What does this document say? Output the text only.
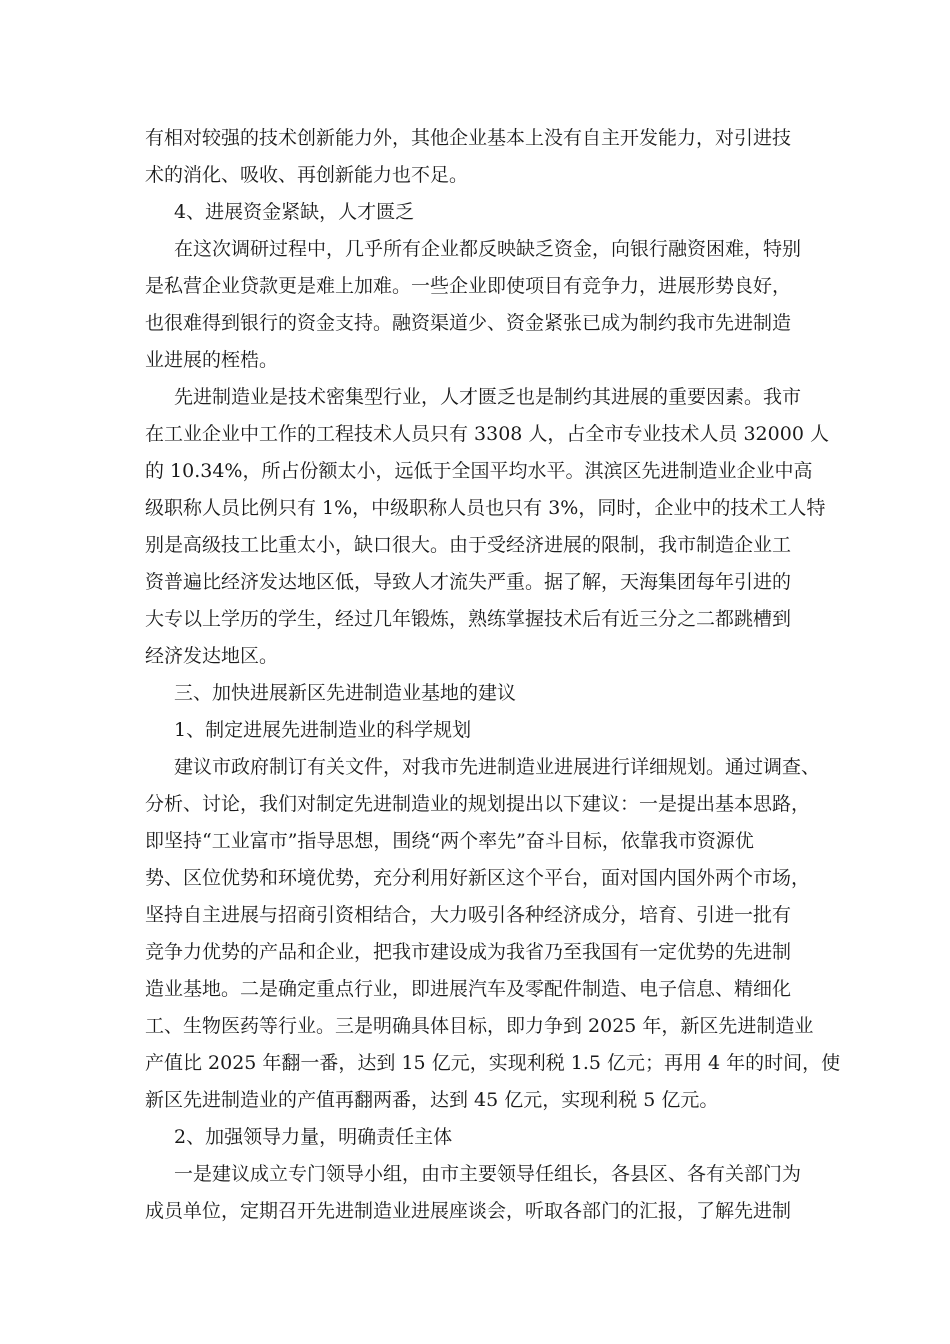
有相对较强的技术创新能力外，其他企业基本上没有自主开发能力，对引进技

术的消化、吸收、再创新能力也不足。

4、进展资金紧缺，人才匮乏

在这次调研过程中，几乎所有企业都反映缺乏资金，向银行融资困难，特别

是私营企业贷款更是难上加难。一些企业即使项目有竞争力，进展形势良好，

也很难得到银行的资金支持。融资渠道少、资金紧张已成为制约我市先进制造

业进展的桎梏。

先进制造业是技术密集型行业，人才匮乏也是制约其进展的重要因素。我市

在工业企业中工作的工程技术人员只有 3308 人，占全市专业技术人员 32000 人

的 10.34%，所占份额太小，远低于全国平均水平。淇滨区先进制造业企业中高

级职称人员比例只有 1%，中级职称人员也只有 3%，同时，企业中的技术工人特

别是高级技工比重太小，缺口很大。由于受经济进展的限制，我市制造企业工

资普遍比经济发达地区低，导致人才流失严重。据了解，天海集团每年引进的

大专以上学历的学生，经过几年锻炼，熟练掌握技术后有近三分之二都跳槽到

经济发达地区。

三、加快进展新区先进制造业基地的建议

1、制定进展先进制造业的科学规划

建议市政府制订有关文件，对我市先进制造业进展进行详细规划。通过调查、

分析、讨论，我们对制定先进制造业的规划提出以下建议：一是提出基本思路，

即坚持“工业富市”指导思想，围绕“两个率先”奋斗目标，依靠我市资源优

势、区位优势和环境优势，充分利用好新区这个平台，面对国内国外两个市场，

坚持自主进展与招商引资相结合，大力吸引各种经济成分，培育、引进一批有

竞争力优势的产品和企业，把我市建设成为我省乃至我国有一定优势的先进制

造业基地。二是确定重点行业，即进展汽车及零配件制造、电子信息、精细化

工、生物医药等行业。三是明确具体目标，即力争到 2025 年，新区先进制造业

产值比 2025 年翻一番，达到 15 亿元，实现利税 1.5 亿元；再用 4 年的时间，使

新区先进制造业的产值再翻两番，达到 45 亿元，实现利税 5 亿元。

2、加强领导力量，明确责任主体

一是建议成立专门领导小组，由市主要领导任组长，各县区、各有关部门为

成员单位，定期召开先进制造业进展座谈会，听取各部门的汇报，了解先进制
